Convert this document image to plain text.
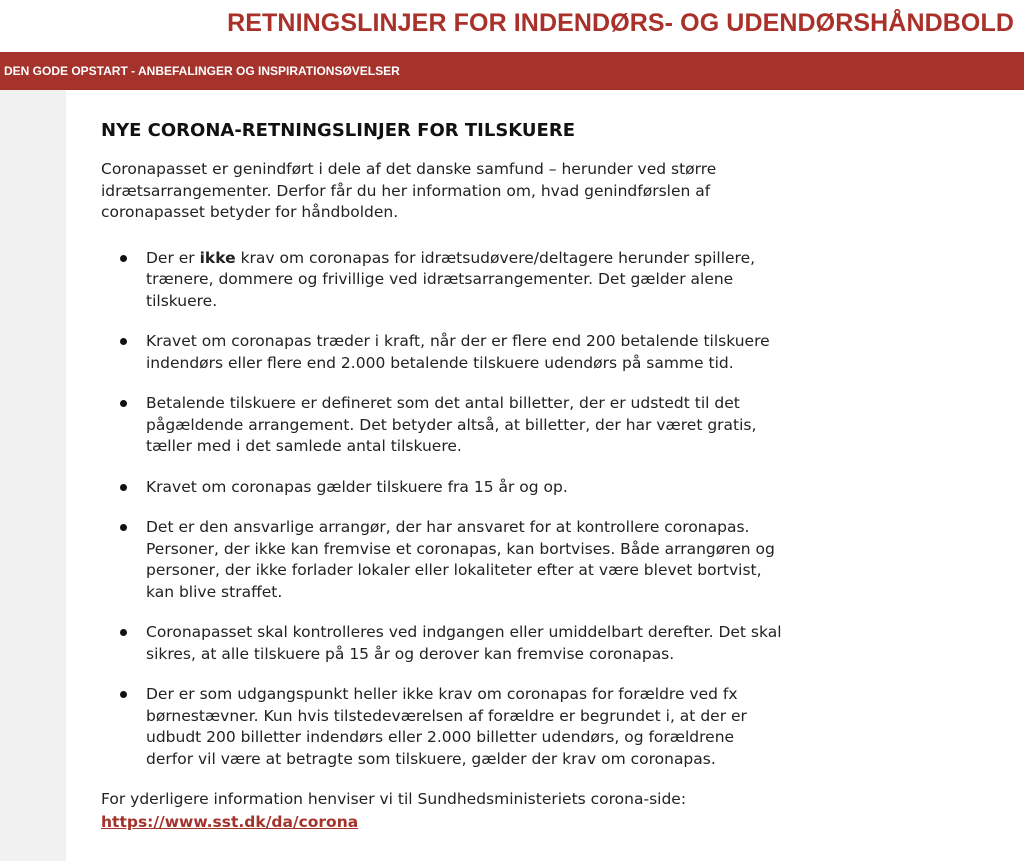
RETNINGSLINJER FOR INDENDØRS- OG UDENDØRSHÅNDBOLD
DEN GODE OPSTART - ANBEFALINGER OG INSPIRATIONSØVELSER
NYE CORONA-RETNINGSLINJER FOR TILSKUERE

Coronapasset er genindført i dele af det danske samfund – herunder ved større idrætsarrangementer. Derfor får du her information om, hvad genindførslen af coronapasset betyder for håndbolden.

Der er ikke krav om coronapas for idrætsudøvere/deltagere herunder spillere, trænere, dommere og frivillige ved idrætsarrangementer. Det gælder alene tilskuere.
Kravet om coronapas træder i kraft, når der er flere end 200 betalende tilskuere indendørs eller flere end 2.000 betalende tilskuere udendørs på samme tid.
Betalende tilskuere er defineret som det antal billetter, der er udstedt til det pågældende arrangement. Det betyder altså, at billetter, der har været gratis, tæller med i det samlede antal tilskuere.
Kravet om coronapas gælder tilskuere fra 15 år og op.
Det er den ansvarlige arrangør, der har ansvaret for at kontrollere coronapas. Personer, der ikke kan fremvise et coronapas, kan bortvises. Både arrangøren og personer, der ikke forlader lokaler eller lokaliteter efter at være blevet bortvist, kan blive straffet.
Coronapasset skal kontrolleres ved indgangen eller umiddelbart derefter. Det skal sikres, at alle tilskuere på 15 år og derover kan fremvise coronapas.
Der er som udgangspunkt heller ikke krav om coronapas for forældre ved fx børnestævner. Kun hvis tilstedeværelsen af forældre er begrundet i, at der er udbudt 200 billetter indendørs eller 2.000 billetter udendørs, og forældrene derfor vil være at betragte som tilskuere, gælder der krav om coronapas.

For yderligere information henviser vi til Sundhedsministeriets corona-side:

https://www.sst.dk/da/corona
